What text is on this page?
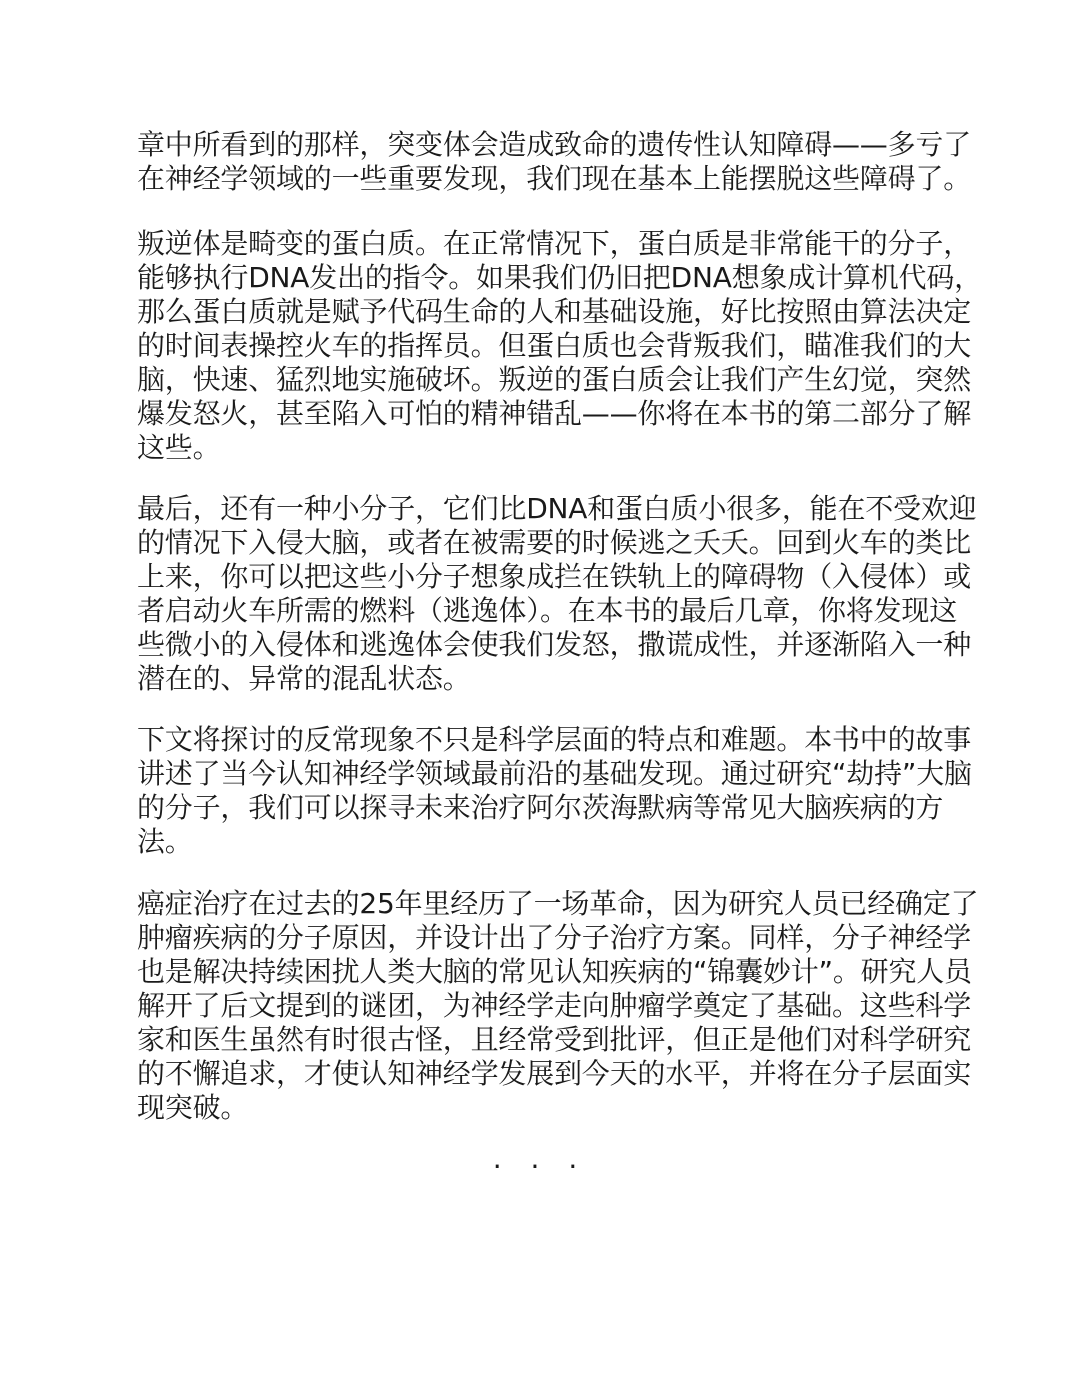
章中所看到的那样，突变体会造成致命的遗传性认知障碍——多亏了
在神经学领域的一些重要发现，我们现在基本上能摆脱这些障碍了。
叛逆体是畸变的蛋白质。在正常情况下，蛋白质是非常能干的分子，
能够执行DNA发出的指令。如果我们仍旧把DNA想象成计算机代码，
那么蛋白质就是赋予代码生命的人和基础设施，好比按照由算法决定
的时间表操控火车的指挥员。但蛋白质也会背叛我们，瞄准我们的大
脑，快速、猛烈地实施破坏。叛逆的蛋白质会让我们产生幻觉，突然
爆发怒火，甚至陷入可怕的精神错乱——你将在本书的第二部分了解
这些。
最后，还有一种小分子，它们比DNA和蛋白质小很多，能在不受欢迎
的情况下入侵大脑，或者在被需要的时候逃之夭夭。回到火车的类比
上来，你可以把这些小分子想象成拦在铁轨上的障碍物（入侵体）或
者启动火车所需的燃料（逃逸体）。在本书的最后几章，你将发现这
些微小的入侵体和逃逸体会使我们发怒，撒谎成性，并逐渐陷入一种
潜在的、异常的混乱状态。
下文将探讨的反常现象不只是科学层面的特点和难题。本书中的故事
讲述了当今认知神经学领域最前沿的基础发现。通过研究“劫持”大脑
的分子，我们可以探寻未来治疗阿尔茨海默病等常见大脑疾病的方
法。
癌症治疗在过去的25年里经历了一场革命，因为研究人员已经确定了
肿瘤疾病的分子原因，并设计出了分子治疗方案。同样，分子神经学
也是解决持续困扰人类大脑的常见认知疾病的“锦囊妙计”。研究人员
解开了后文提到的谜团，为神经学走向肿瘤学奠定了基础。这些科学
家和医生虽然有时很古怪，且经常受到批评，但正是他们对科学研究
的不懈追求，才使认知神经学发展到今天的水平，并将在分子层面实
现突破。
· · ·
